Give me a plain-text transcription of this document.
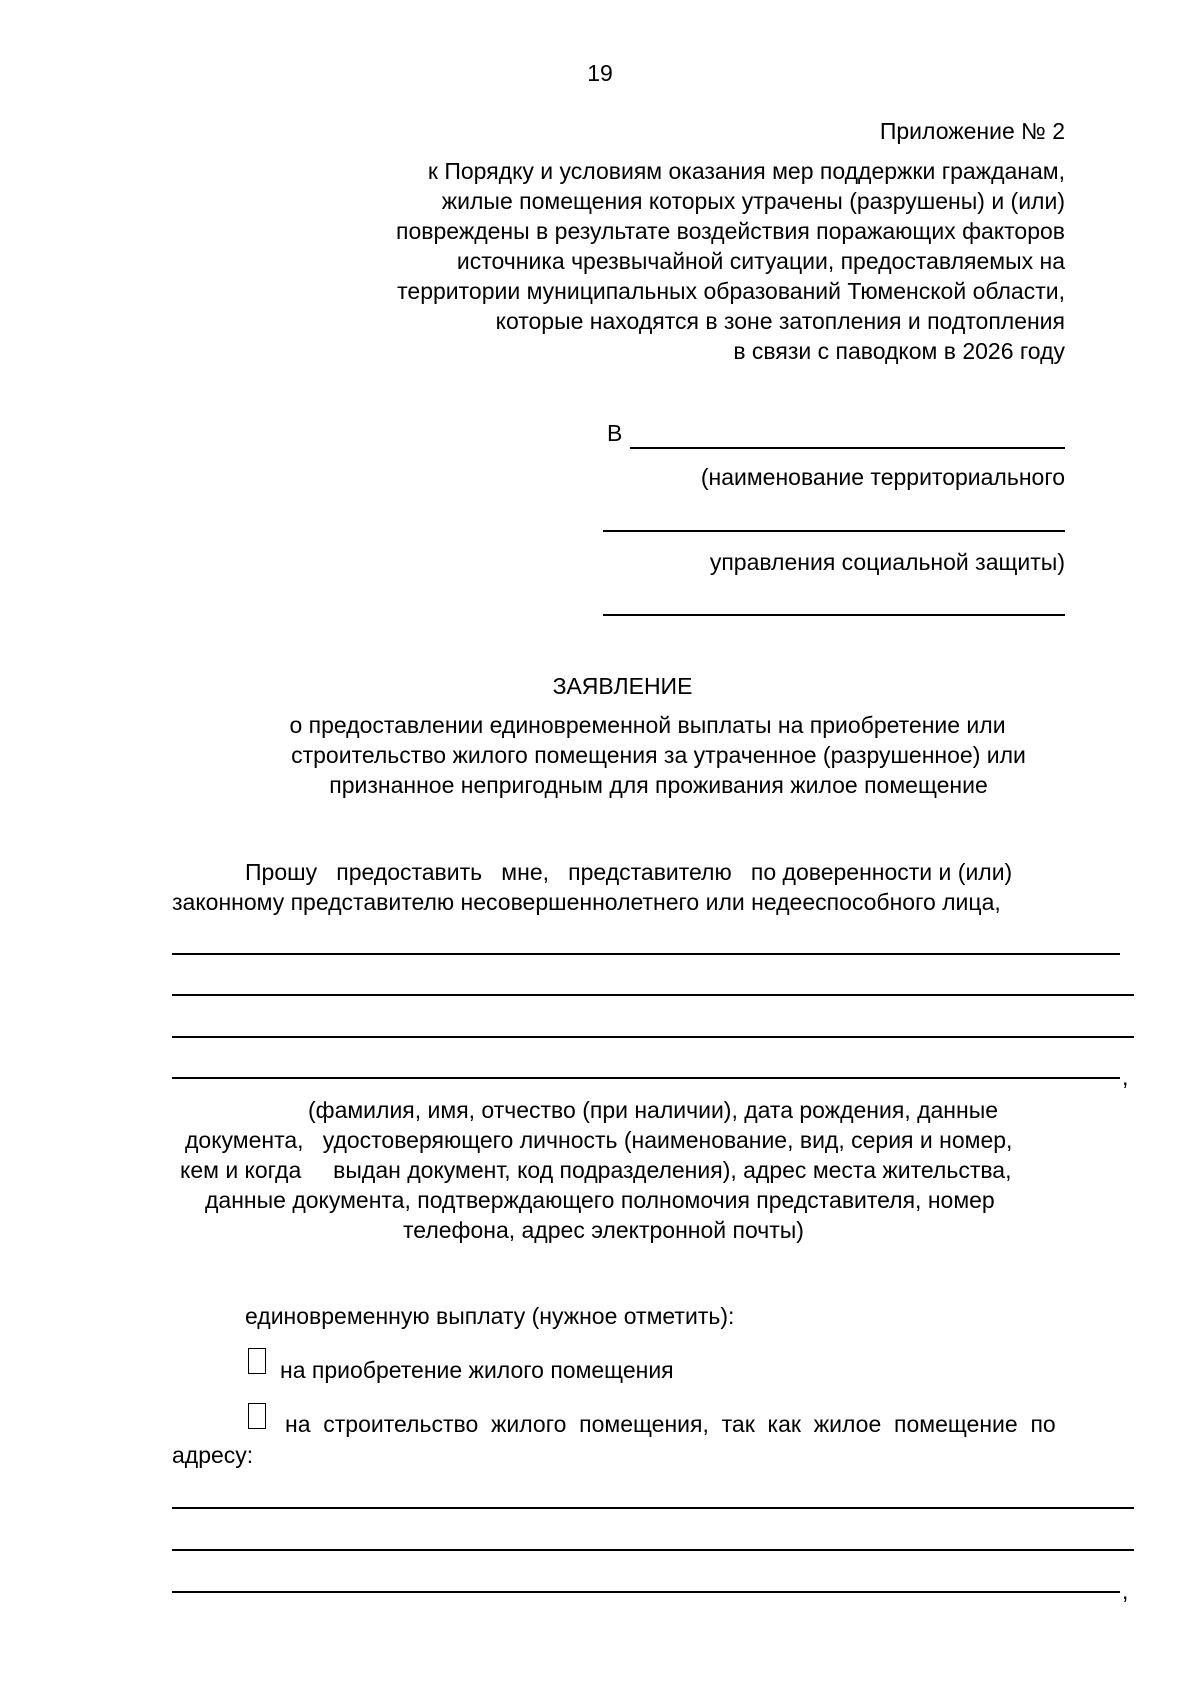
19
Приложение № 2
к Порядку и условиям оказания мер поддержки гражданам,
жилые помещения которых утрачены (разрушены) и (или)
повреждены в результате воздействия поражающих факторов
источника чрезвычайной ситуации, предоставляемых на
территории муниципальных образований Тюменской области,
которые находятся в зоне затопления и подтопления
в связи с паводком в 2026 году
В
(наименование территориального
управления социальной защиты)
ЗАЯВЛЕНИЕ
о предоставлении единовременной выплаты на приобретение или
строительство жилого помещения за утраченное (разрушенное) или
признанное непригодным для проживания жилое помещение
Прошу   предоставить   мне,   представителю   по доверенности и (или)
законному представителю несовершеннолетнего или недееспособного лица,
,
(фамилия, имя, отчество (при наличии), дата рождения, данные
документа,   удостоверяющего личность (наименование, вид, серия и номер,
кем и когда     выдан документ, код подразделения), адрес места жительства,
данные документа, подтверждающего полномочия представителя, номер
телефона, адрес электронной почты)
единовременную выплату (нужное отметить):
на приобретение жилого помещения
на  строительство  жилого  помещения,  так  как  жилое  помещение  по
адресу:
,
